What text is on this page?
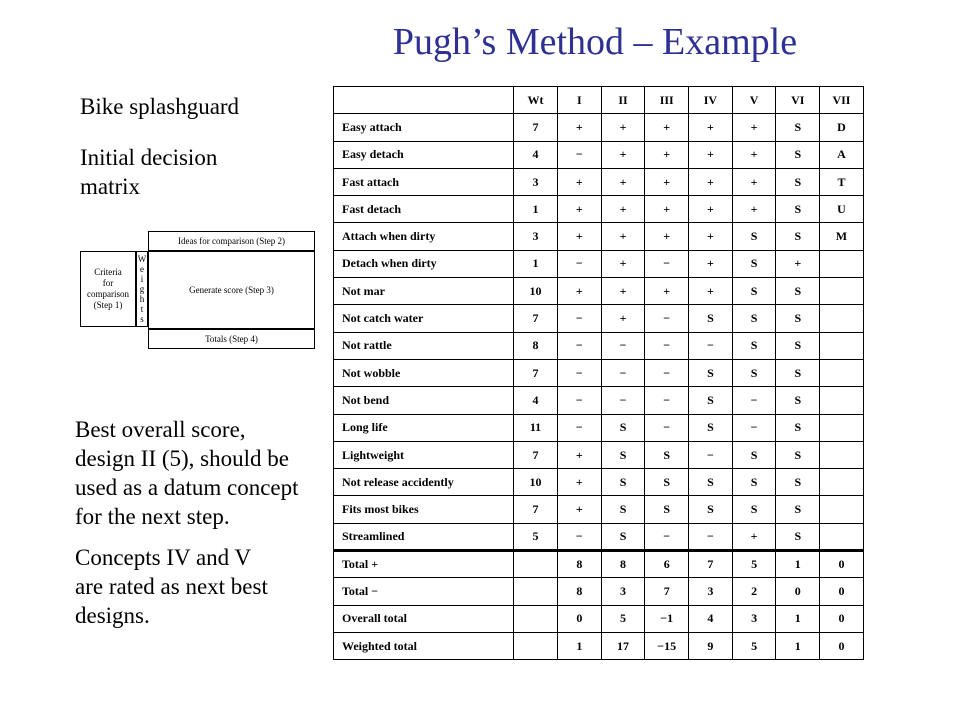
Pugh’s Method – Example
Bike splashguard
Initial decision
matrix
Ideas for comparison (Step 2)
Criteria
for
comparison
(Step 1)
W
e
i
g
h
t
s
Generate score (Step 3)
Totals (Step 4)
Best overall score,
design II (5), should be
used as a datum concept
for the next step.
Concepts IV and V
are rated as next best
designs.
	Wt	I	II	III	IV	V	VI	VII
Easy attach	7	+	+	+	+	+	S	D
Easy detach	4	−	+	+	+	+	S	A
Fast attach	3	+	+	+	+	+	S	T
Fast detach	1	+	+	+	+	+	S	U
Attach when dirty	3	+	+	+	+	S	S	M
Detach when dirty	1	−	+	−	+	S	+	
Not mar	10	+	+	+	+	S	S	
Not catch water	7	−	+	−	S	S	S	
Not rattle	8	−	−	−	−	S	S	
Not wobble	7	−	−	−	S	S	S	
Not bend	4	−	−	−	S	−	S	
Long life	11	−	S	−	S	−	S	
Lightweight	7	+	S	S	−	S	S	
Not release accidently	10	+	S	S	S	S	S	
Fits most bikes	7	+	S	S	S	S	S	
Streamlined	5	−	S	−	−	+	S	
Total +		8	8	6	7	5	1	0
Total −		8	3	7	3	2	0	0
Overall total		0	5	−1	4	3	1	0
Weighted total		1	17	−15	9	5	1	0
